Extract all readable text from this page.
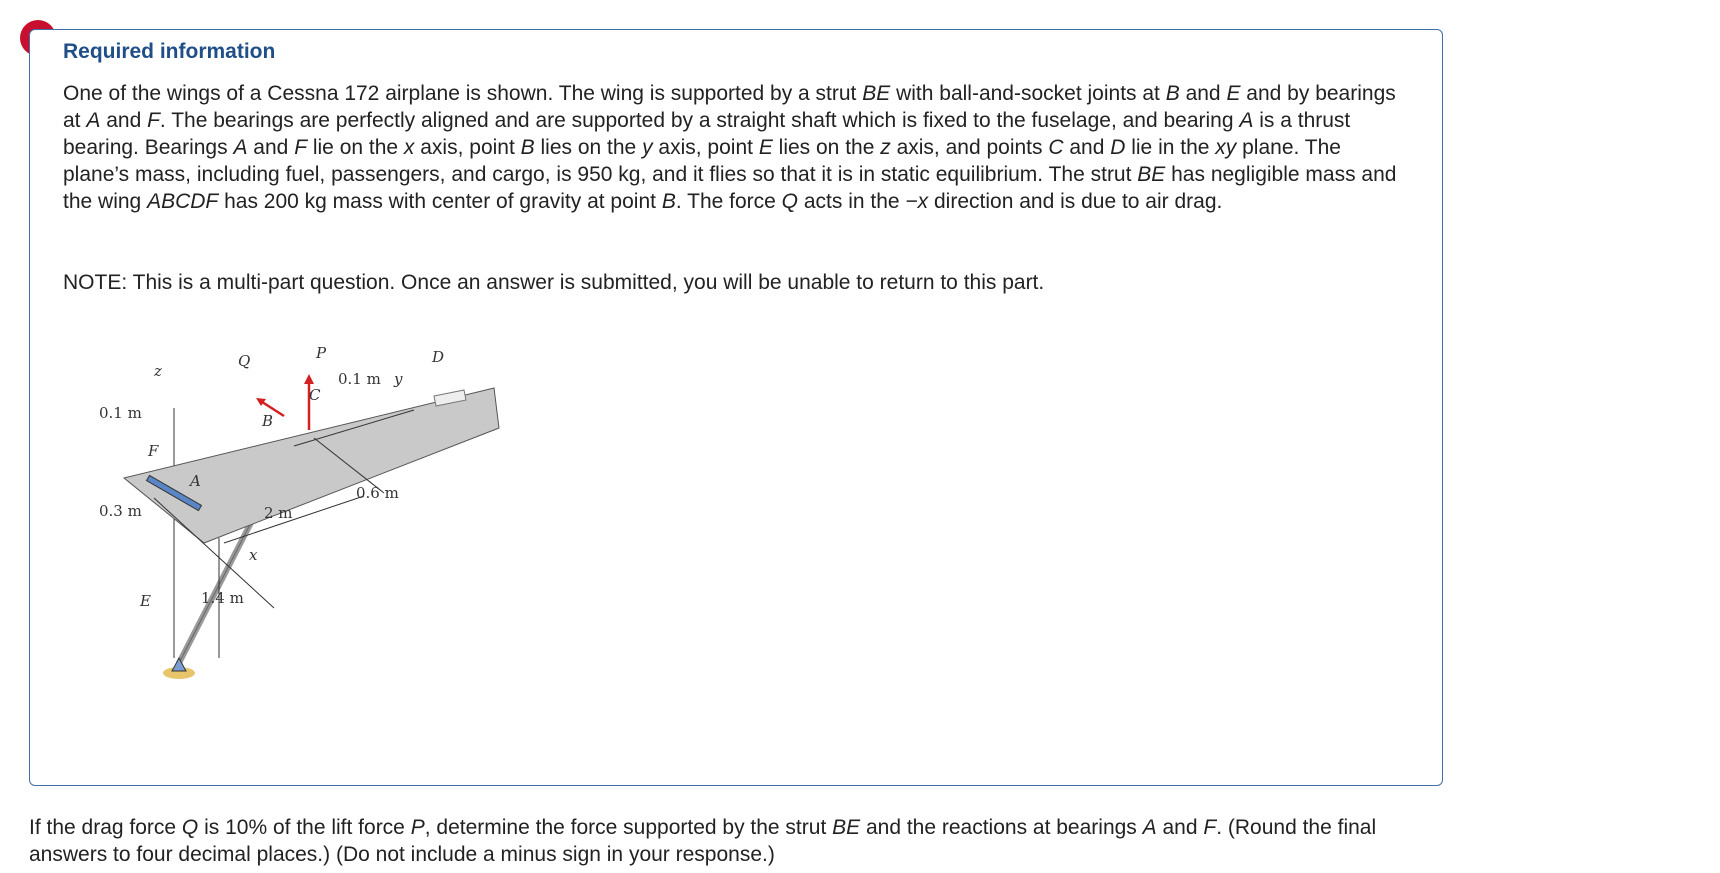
Required information

One of the wings of a Cessna 172 airplane is shown. The wing is supported by a strut BE with ball-and-socket joints at B and E and by bearings at A and F. The bearings are perfectly aligned and are supported by a straight shaft which is fixed to the fuselage, and bearing A is a thrust bearing. Bearings A and F lie on the x axis, point B lies on the y axis, point E lies on the z axis, and points C and D lie in the xy plane. The plane’s mass, including fuel, passengers, and cargo, is 950 kg, and it flies so that it is in static equilibrium. The strut BE has negligible mass and the wing ABCDF has 200 kg mass with center of gravity at point B. The force Q acts in the −x direction and is due to air drag.

NOTE: This is a multi-part question. Once an answer is submitted, you will be unable to return to this part.

z
Q	P	D
C
y
B
F
A
x
E
0.1 m
0.1 m
0.3 m
0.6 m
2 m
1.4 m

If the drag force Q is 10% of the lift force P, determine the force supported by the strut BE and the reactions at bearings A and F. (Round the final answers to four decimal places.) (Do not include a minus sign in your response.)
